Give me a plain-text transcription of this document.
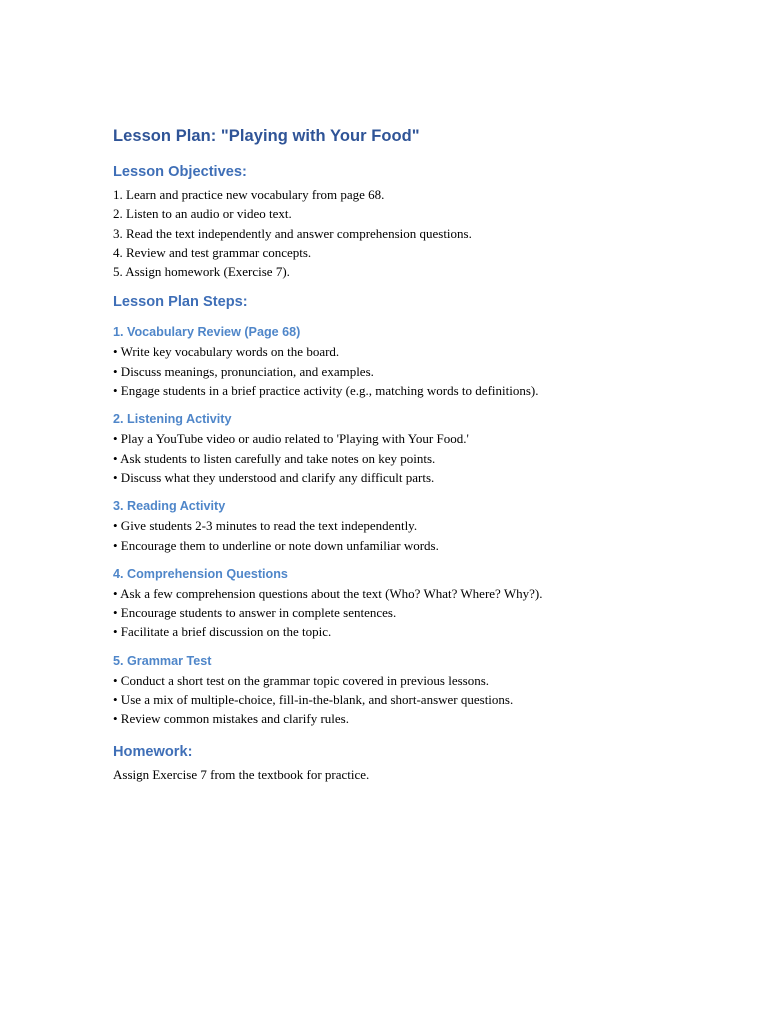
Lesson Plan: "Playing with Your Food"
Lesson Objectives:

1. Learn and practice new vocabulary from page 68.

2. Listen to an audio or video text.

3. Read the text independently and answer comprehension questions.

4. Review and test grammar concepts.

5. Assign homework (Exercise 7).

Lesson Plan Steps:
1. Vocabulary Review (Page 68)

• Write key vocabulary words on the board.

• Discuss meanings, pronunciation, and examples.

• Engage students in a brief practice activity (e.g., matching words to definitions).

2. Listening Activity

• Play a YouTube video or audio related to 'Playing with Your Food.'

• Ask students to listen carefully and take notes on key points.

• Discuss what they understood and clarify any difficult parts.

3. Reading Activity

• Give students 2-3 minutes to read the text independently.

• Encourage them to underline or note down unfamiliar words.

4. Comprehension Questions

• Ask a few comprehension questions about the text (Who? What? Where? Why?).

• Encourage students to answer in complete sentences.

• Facilitate a brief discussion on the topic.

5. Grammar Test

• Conduct a short test on the grammar topic covered in previous lessons.

• Use a mix of multiple-choice, fill-in-the-blank, and short-answer questions.

• Review common mistakes and clarify rules.

Homework:

Assign Exercise 7 from the textbook for practice.
